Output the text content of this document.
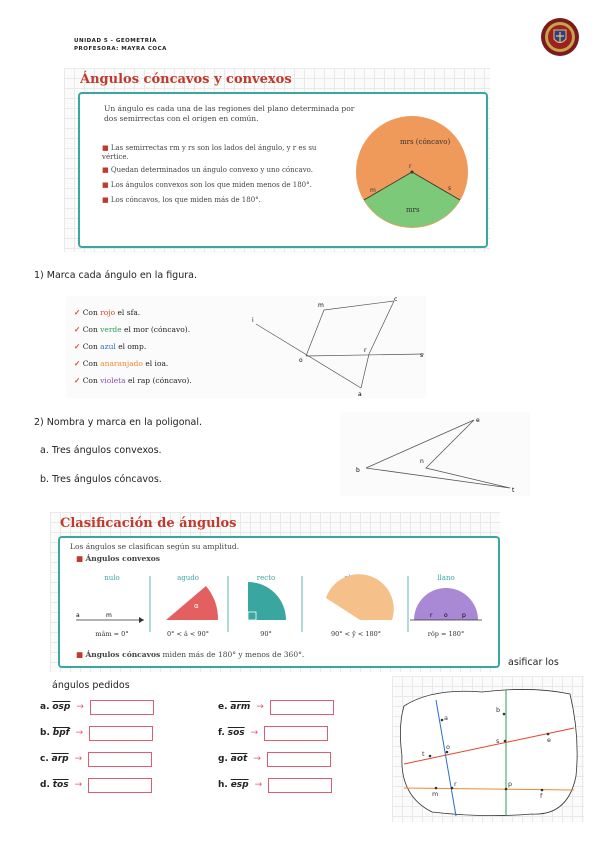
UNIDAD 5 - GEOMETRÍA
PROFESORA: MAYRA COCA
Ángulos cóncavos y convexos
Un ángulo es cada una de las regiones del plano determinada por dos semirrectas con el origen en común.
■ Las semirrectas rm y rs son los lados del ángulo, y r es su vértice.
■ Quedan determinados un ángulo convexo y uno cóncavo.
■ Los ángulos convexos son los que miden menos de 180°.
■ Los cóncavos, los que miden más de 180°.
mrs (cóncavo)
mrs
r
m	s
1) Marca cada ángulo en la figura.
✓ Con rojo el sfa.
✓ Con verde el mor (cóncavo).
✓ Con azul el omp.
✓ Con anaranjado el ioa.
✓ Con violeta el rap (cóncavo).
i
m
c
r
o
s
a
2) Nombra y marca en la poligonal.
a. Tres ángulos convexos.
b. Tres ángulos cóncavos.
e
n
b
t
Clasificación de ángulos
Los ángulos se clasifican según su amplitud.
■ Ángulos convexos
nulo	agudo	recto	llano
a	m
α
r o p
mâm = 0°	0° < â < 90°	90°	90° < ŷ < 180°	rôp = 180°
■ Ángulos cóncavos miden más de 180° y menos de 360°.
asificar los
ángulos pedidos
a.
$\overline{osp}$ →
b.
$\overline{bpf}$ →
c.
$\overline{arp}$ →
d.
$\overline{tos}$ →
e.
$\overline{arm}$ →
f.
$\overline{sos}$ →
g.
$\overline{aot}$ →
h.
$\overline{esp}$ →
a
b
t
o
s	e
r
m
p
f
